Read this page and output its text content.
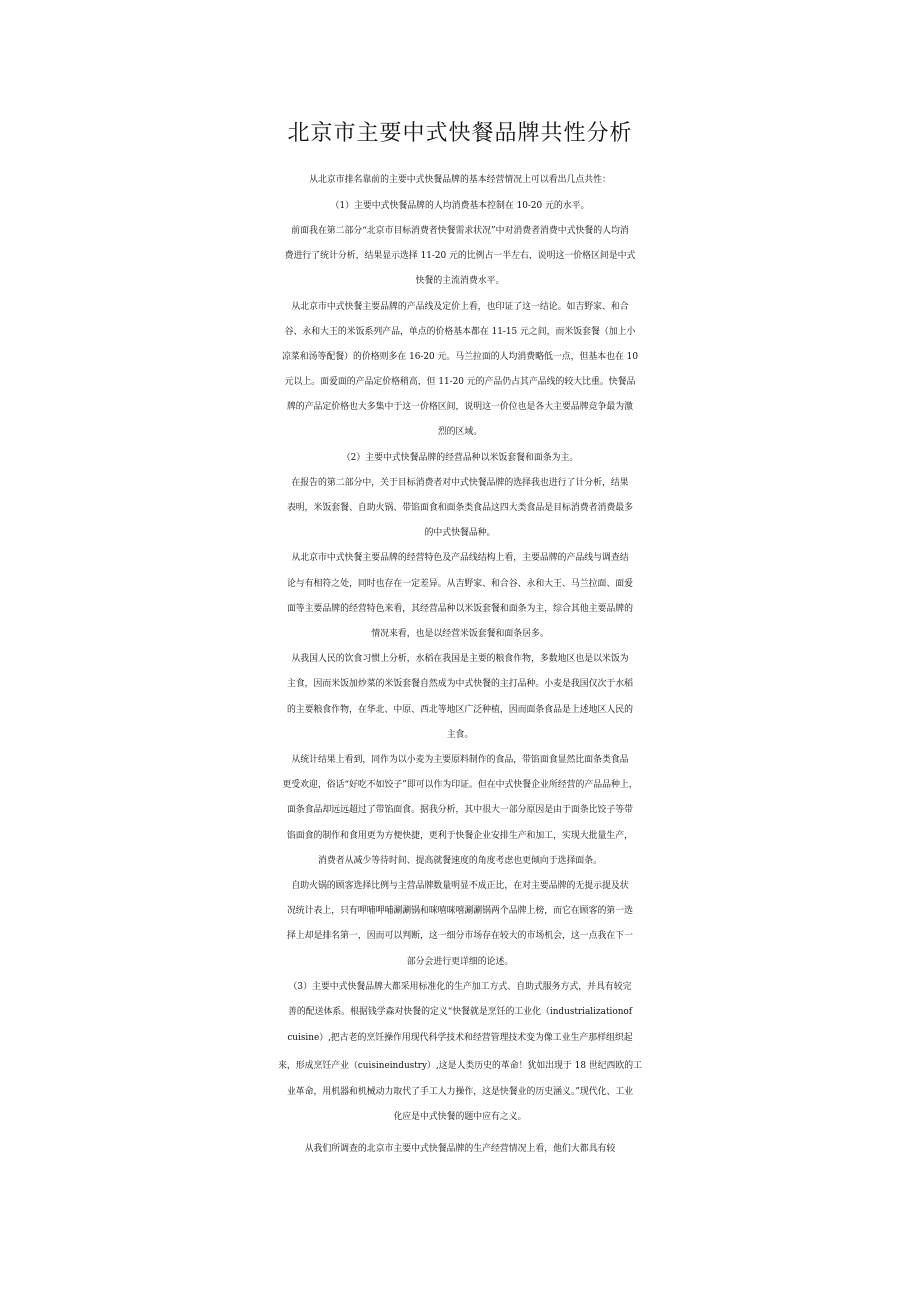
北京市主要中式快餐品牌共性分析
从北京市排名靠前的主要中式快餐品牌的基本经营情况上可以看出几点共性：
（1）主要中式快餐品牌的人均消费基本控制在 10-20 元的水平。
前面我在第二部分“北京市目标消费者快餐需求状况”中对消费者消费中式快餐的人均消
费进行了统计分析，结果显示选择 11-20 元的比例占一半左右，说明这一价格区间是中式
快餐的主流消费水平。
从北京市中式快餐主要品牌的产品线及定价上看，也印证了这一结论。如吉野家、和合
谷、永和大王的米饭系列产品，单点的价格基本都在 11-15 元之间，而米饭套餐（加上小
凉菜和汤等配餐）的价格则多在 16-20 元。马兰拉面的人均消费略低一点，但基本也在 10
元以上。面爱面的产品定价格稍高，但 11-20 元的产品仍占其产品线的较大比重。快餐品
牌的产品定价格也大多集中于这一价格区间，说明这一价位也是各大主要品牌竞争最为激
烈的区域。
（2）主要中式快餐品牌的经营品种以米饭套餐和面条为主。
在报告的第二部分中，关于目标消费者对中式快餐品牌的选择我也进行了计分析，结果
表明，米饭套餐、自助火锅、带馅面食和面条类食品这四大类食品是目标消费者消费最多
的中式快餐品种。
从北京市中式快餐主要品牌的经营特色及产品线结构上看，主要品牌的产品线与调查结
论与有相符之处，同时也存在一定差异。从吉野家、和合谷、永和大王、马兰拉面、面爱
面等主要品牌的经营特色来看，其经营品种以米饭套餐和面条为主，综合其他主要品牌的
情况来看，也是以经营米饭套餐和面条居多。
从我国人民的饮食习惯上分析，水稻在我国是主要的粮食作物，多数地区也是以米饭为
主食，因而米饭加炒菜的米饭套餐自然成为中式快餐的主打品种。小麦是我国仅次于水稻
的主要粮食作物，在华北、中原、西北等地区广泛种植，因而面条食品是上述地区人民的
主食。
从统计结果上看到，同作为以小麦为主要原料制作的食品，带馅面食显然比面条类食品
更受欢迎，俗话“好吃不如饺子”即可以作为印证。但在中式快餐企业所经营的产品品种上，
面条食品却远远超过了带馅面食。据我分析，其中很大一部分原因是由于面条比饺子等带
馅面食的制作和食用更为方便快捷，更利于快餐企业安排生产和加工，实现大批量生产，
消费者从减少等待时间、提高就餐速度的角度考虑也更倾向于选择面条。
自助火锅的顾客选择比例与主营品牌数量明显不成正比，在对主要品牌的无提示提及状
况统计表上，只有呷哺呷哺涮涮锅和咪嘻咪嘻涮涮锅两个品牌上榜，而它在顾客的第一选
择上却是排名第一，因而可以判断，这一细分市场存在较大的市场机会，这一点我在下一
部分会进行更详细的论述。
（3）主要中式快餐品牌大都采用标准化的生产加工方式、自助式服务方式，并具有较完
善的配送体系。根据钱学森对快餐的定义“快餐就是烹饪的工业化（industrializationof
cuisine）,把古老的烹饪操作用现代科学技术和经营管理技术变为像工业生产那样组织起
来，形成烹饪产业（cuisineindustry）,这是人类历史的革命！犹如出现于 18 世纪西欧的工
业革命，用机器和机械动力取代了手工人力操作，这是快餐业的历史涵义。”现代化、工业
化应是中式快餐的题中应有之义。
从我们所调查的北京市主要中式快餐品牌的生产经营情况上看，他们大都具有较
